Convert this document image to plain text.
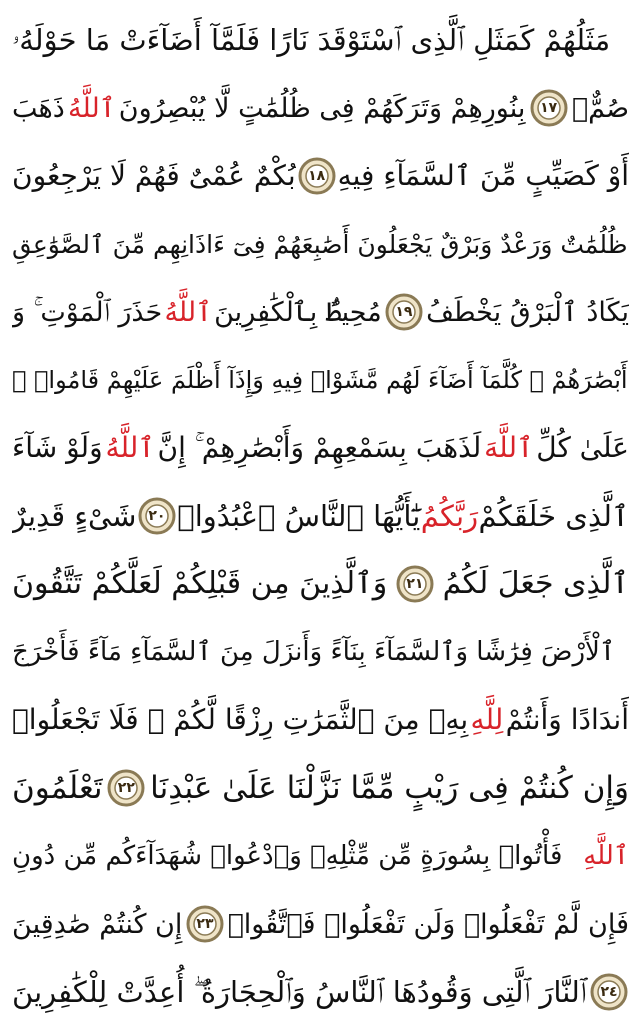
مَثَلُهُمْ كَمَثَلِ ٱلَّذِى ٱسْتَوْقَدَ نَارًا فَلَمَّآ أَضَآءَتْ مَا حَوْلَهُۥ
ذَهَبَ ٱللَّهُ بِنُورِهِمْ وَتَرَكَهُمْ فِى ظُلُمَٰتٍ لَّا يُبْصِرُونَ ١٧ صُمٌّۢ
بُكْمٌ عُمْىٌ فَهُمْ لَا يَرْجِعُونَ ١٨ أَوْ كَصَيِّبٍ مِّنَ ٱلسَّمَآءِ فِيهِ
ظُلُمَٰتٌ وَرَعْدٌ وَبَرْقٌ يَجْعَلُونَ أَصَٰبِعَهُمْ فِىٓ ءَاذَانِهِم مِّنَ ٱلصَّوَٰعِقِ
حَذَرَ ٱلْمَوْتِ ۚ وَ ٱللَّهُ مُحِيطٌۢ بِٱلْكَٰفِرِينَ ١٩ يَكَادُ ٱلْبَرْقُ يَخْطَفُ
أَبْصَٰرَهُمْ ۖ كُلَّمَآ أَضَآءَ لَهُم مَّشَوْا۟ فِيهِ وَإِذَآ أَظْلَمَ عَلَيْهِمْ قَامُوا۟ ۚ
وَلَوْ شَآءَ ٱللَّهُ لَذَهَبَ بِسَمْعِهِمْ وَأَبْصَٰرِهِمْ ۚ إِنَّ ٱللَّهَ عَلَىٰ كُلِّ
شَىْءٍ قَدِيرٌ ٢٠ يَٰٓأَيُّهَا ٱلنَّاسُ ٱعْبُدُوا۟ رَبَّكُمُ ٱلَّذِى خَلَقَكُمْ
وَٱلَّذِينَ مِن قَبْلِكُمْ لَعَلَّكُمْ تَتَّقُونَ ٢١ ٱلَّذِى جَعَلَ لَكُمُ
ٱلْأَرْضَ فِرَٰشًا وَٱلسَّمَآءَ بِنَآءً وَأَنزَلَ مِنَ ٱلسَّمَآءِ مَآءً فَأَخْرَجَ
بِهِۦ مِنَ ٱلثَّمَرَٰتِ رِزْقًا لَّكُمْ ۖ فَلَا تَجْعَلُوا۟ لِلَّهِ أَندَادًا وَأَنتُمْ
تَعْلَمُونَ ٢٢ وَإِن كُنتُمْ فِى رَيْبٍ مِّمَّا نَزَّلْنَا عَلَىٰ عَبْدِنَا
فَأْتُوا۟ بِسُورَةٍ مِّن مِّثْلِهِۦ وَٱدْعُوا۟ شُهَدَآءَكُم مِّن دُونِ ٱللَّهِ
إِن كُنتُمْ صَٰدِقِينَ ٢٣ فَإِن لَّمْ تَفْعَلُوا۟ وَلَن تَفْعَلُوا۟ فَٱتَّقُوا۟
ٱلنَّارَ ٱلَّتِى وَقُودُهَا ٱلنَّاسُ وَٱلْحِجَارَةُ ۖ أُعِدَّتْ لِلْكَٰفِرِينَ ٢٤
